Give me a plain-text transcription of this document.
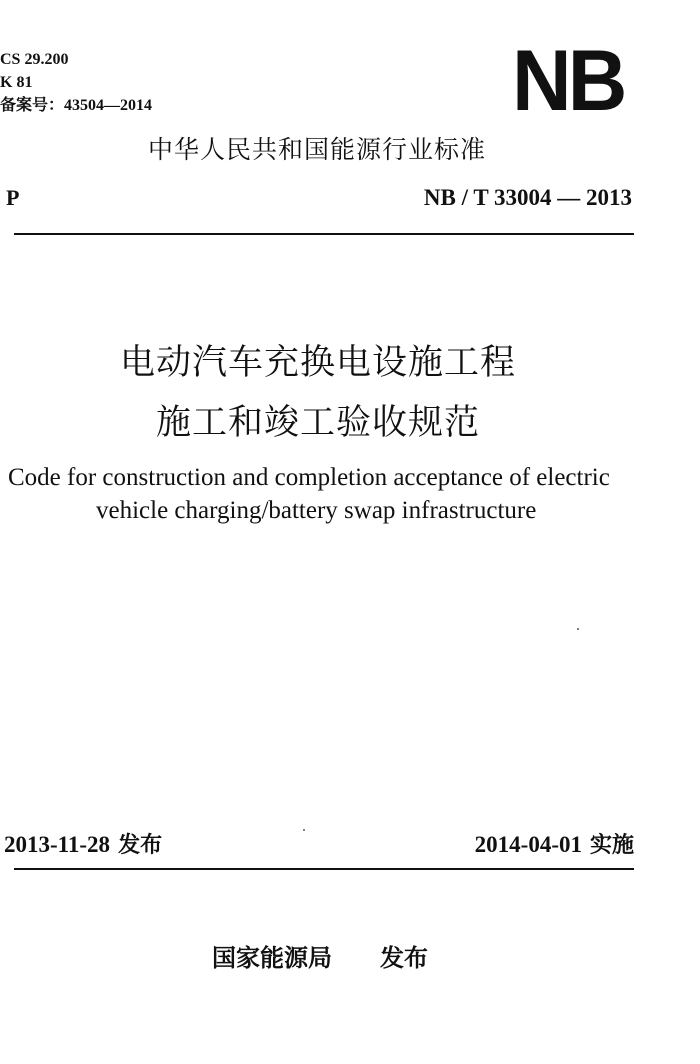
CS 29.200
K 81
备案号：43504—2014	NB
中华人民共和国能源行业标准
P	NB / T 33004 — 2013
电动汽车充换电设施工程
施工和竣工验收规范
Code for construction and completion acceptance of electric
vehicle charging/battery swap infrastructure
2013-11-28 发布	2014-04-01 实施
国家能源局 发布
